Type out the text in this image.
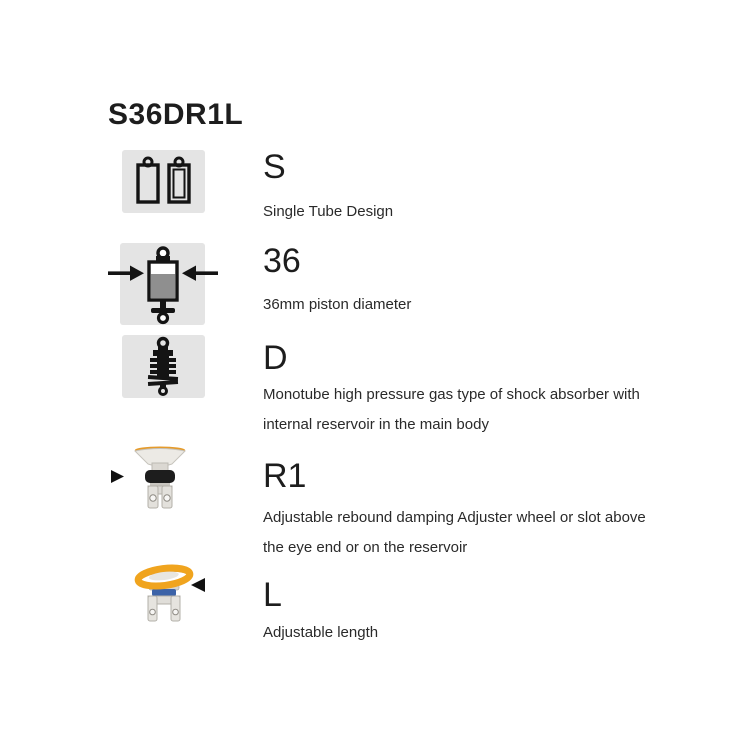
S36DR1L
S
Single Tube Design
36
36mm piston diameter
D
Monotube high pressure gas type of shock absorber with internal reservoir in the main body
R1
Adjustable rebound damping Adjuster wheel or slot above the eye end or on the reservoir
L
Adjustable length
